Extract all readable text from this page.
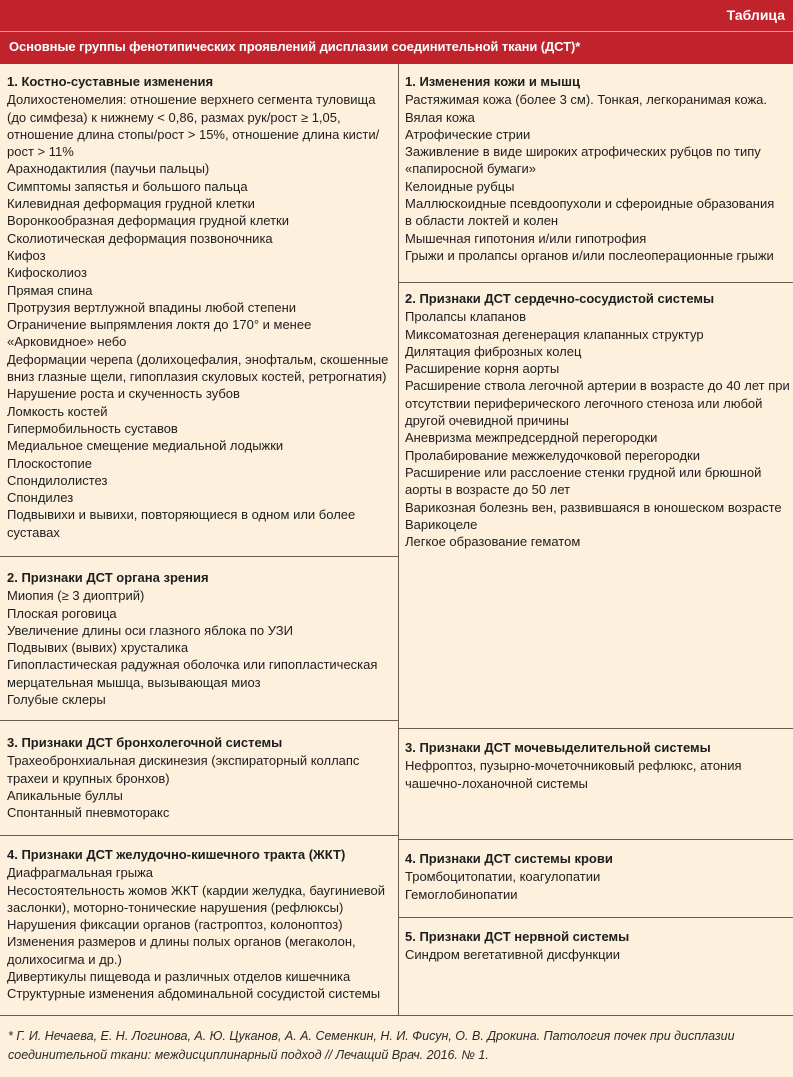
Таблица
Основные группы фенотипических проявлений дисплазии соединительной ткани (ДСТ)*
1. Костно-суставные изменения
Долихостеномелия: отношение верхнего сегмента туловища
(до симфеза) к нижнему < 0,86, размах рук/рост ≥ 1,05,
отношение длина стопы/рост > 15%, отношение длина кисти/
рост > 11%
Арахнодактилия (паучьи пальцы)
Симптомы запястья и большого пальца
Килевидная деформация грудной клетки
Воронкообразная деформация грудной клетки
Сколиотическая деформация позвоночника
Кифоз
Кифосколиоз
Прямая спина
Протрузия вертлужной впадины любой степени
Ограничение выпрямления локтя до 170° и менее
«Арковидное» небо
Деформации черепа (долихоцефалия, энофтальм, скошенные
вниз глазные щели, гипоплазия скуловых костей, ретрогнатия)
Нарушение роста и скученность зубов
Ломкость костей
Гипермобильность суставов
Медиальное смещение медиальной лодыжки
Плоскостопие
Спондилолистез
Спондилез
Подвывихи и вывихи, повторяющиеся в одном или более
суставах
2. Признаки ДСТ органа зрения
Миопия (≥ 3 диоптрий)
Плоская роговица
Увеличение длины оси глазного яблока по УЗИ
Подвывих (вывих) хрусталика
Гипопластическая радужная оболочка или гипопластическая
мерцательная мышца, вызывающая миоз
Голубые склеры
3. Признаки ДСТ бронхолегочной системы
Трахеобронхиальная дискинезия (экспираторный коллапс
трахеи и крупных бронхов)
Апикальные буллы
Спонтанный пневмоторакс
4. Признаки ДСТ желудочно-кишечного тракта (ЖКТ)
Диафрагмальная грыжа
Несостоятельность жомов ЖКТ (кардии желудка, баугиниевой
заслонки), моторно-тонические нарушения (рефлюксы)
Нарушения фиксации органов (гастроптоз, колоноптоз)
Изменения размеров и длины полых органов (мегаколон,
долихосигма и др.)
Дивертикулы пищевода и различных отделов кишечника
Структурные изменения абдоминальной сосудистой системы
1. Изменения кожи и мышц
Растяжимая кожа (более 3 см). Тонкая, легкоранимая кожа.
Вялая кожа
Атрофические стрии
Заживление в виде широких атрофических рубцов по типу
«папиросной бумаги»
Келоидные рубцы
Маллюскоидные псевдоопухоли и сфероидные образования
в области локтей и колен
Мышечная гипотония и/или гипотрофия
Грыжи и пролапсы органов и/или послеоперационные грыжи
2. Признаки ДСТ сердечно-сосудистой системы
Пролапсы клапанов
Миксоматозная дегенерация клапанных структур
Дилятация фиброзных колец
Расширение корня аорты
Расширение ствола легочной артерии в возрасте до 40 лет при
отсутствии периферического легочного стеноза или любой
другой очевидной причины
Аневризма межпредсердной перегородки
Пролабирование межжелудочковой перегородки
Расширение или расслоение стенки грудной или брюшной
аорты в возрасте до 50 лет
Варикозная болезнь вен, развившаяся в юношеском возрасте
Варикоцеле
Легкое образование гематом
3. Признаки ДСТ мочевыделительной системы
Нефроптоз, пузырно-мочеточниковый рефлюкс, атония
чашечно-лоханочной системы
4. Признаки ДСТ системы крови
Тромбоцитопатии, коагулопатии
Гемоглобинопатии
5. Признаки ДСТ нервной системы
Синдром вегетативной дисфункции
* Г. И. Нечаева, Е. Н. Логинова, А. Ю. Цуканов, А. А. Семенкин, Н. И. Фисун, О. В. Дрокина. Патология почек при дисплазии
соединительной ткани: междисциплинарный подход // Лечащий Врач. 2016. № 1.
